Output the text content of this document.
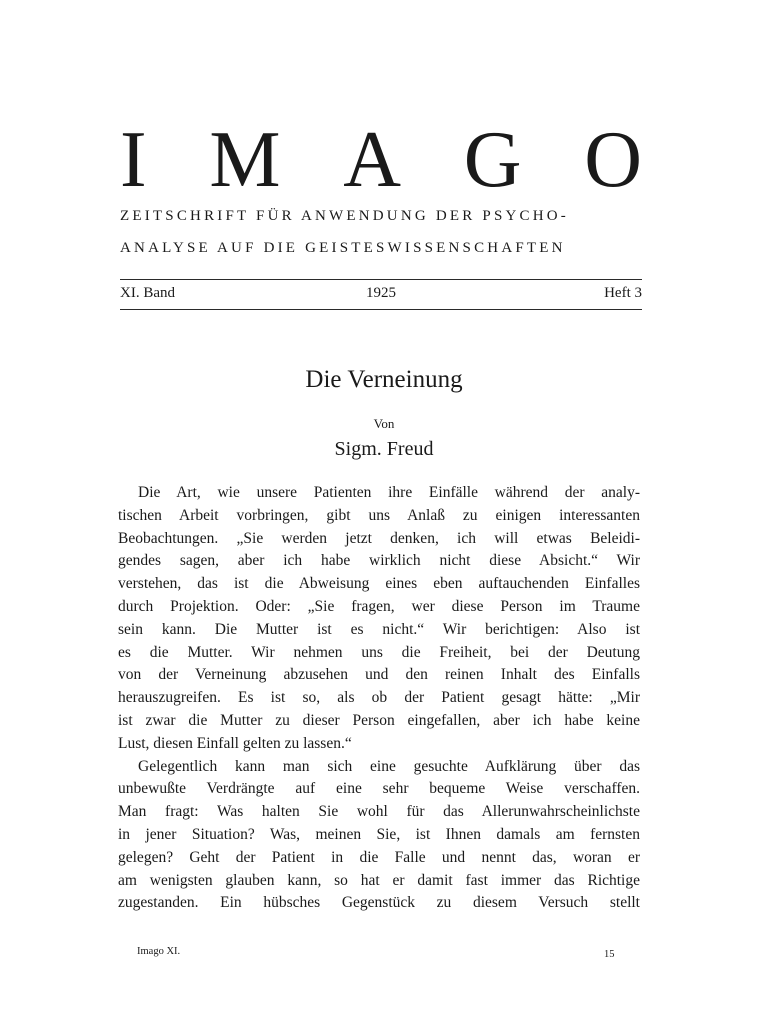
I M A G O
ZEITSCHRIFT FÜR ANWENDUNG DER PSYCHO-
ANALYSE AUF DIE GEISTESWISSENSCHAFTEN
XI. Band	1925	Heft 3
Die Verneinung
Von
Sigm. Freud
Die Art, wie unsere Patienten ihre Einfälle während der analy-
tischen Arbeit vorbringen, gibt uns Anlaß zu einigen interessanten
Beobachtungen. „Sie werden jetzt denken, ich will etwas Beleidi-
gendes sagen, aber ich habe wirklich nicht diese Absicht.“ Wir
verstehen, das ist die Abweisung eines eben auftauchenden Einfalles
durch Projektion. Oder: „Sie fragen, wer diese Person im Traume
sein kann. Die Mutter ist es nicht.“ Wir berichtigen: Also ist
es die Mutter. Wir nehmen uns die Freiheit, bei der Deutung
von der Verneinung abzusehen und den reinen Inhalt des Einfalls
herauszugreifen. Es ist so, als ob der Patient gesagt hätte: „Mir
ist zwar die Mutter zu dieser Person eingefallen, aber ich habe keine
Lust, diesen Einfall gelten zu lassen.“
Gelegentlich kann man sich eine gesuchte Aufklärung über das
unbewußte Verdrängte auf eine sehr bequeme Weise verschaffen.
Man fragt: Was halten Sie wohl für das Allerunwahrscheinlichste
in jener Situation? Was, meinen Sie, ist Ihnen damals am fernsten
gelegen? Geht der Patient in die Falle und nennt das, woran er
am wenigsten glauben kann, so hat er damit fast immer das Richtige
zugestanden. Ein hübsches Gegenstück zu diesem Versuch stellt
Imago XI.	15
